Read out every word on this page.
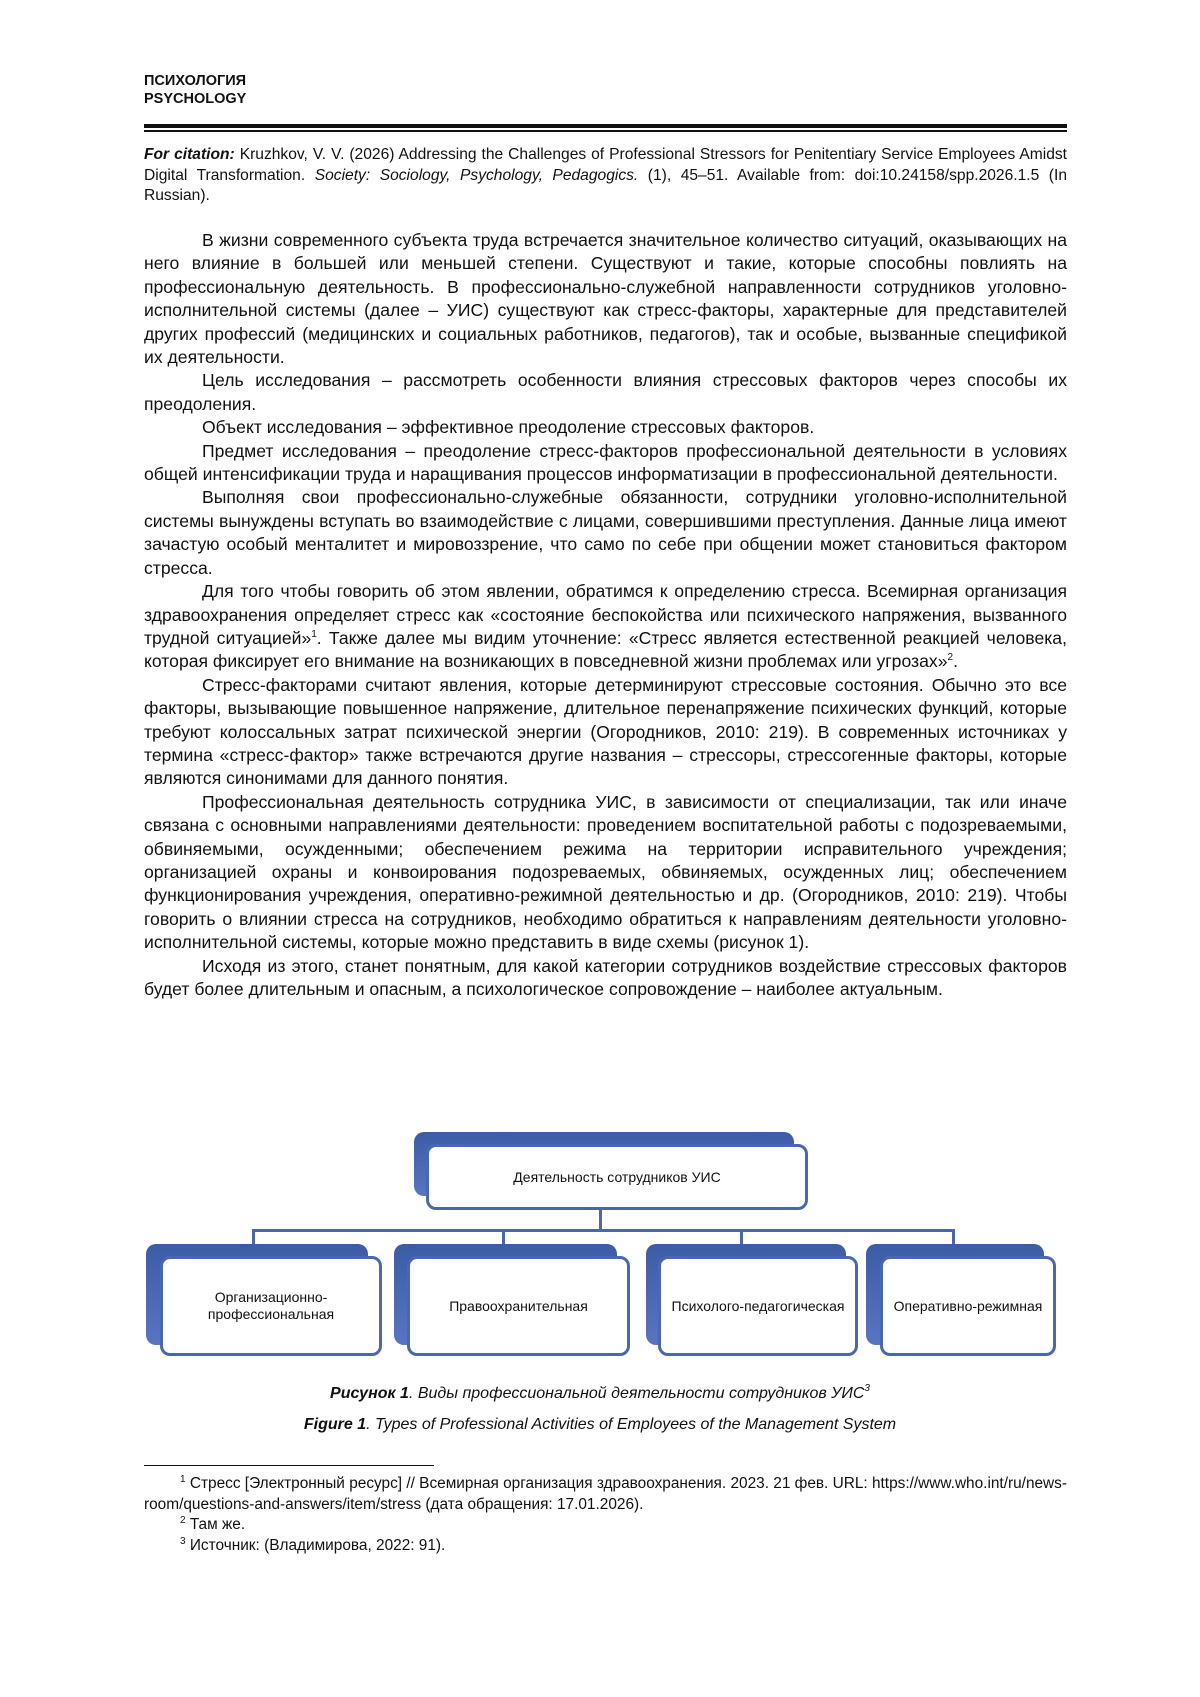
ПСИХОЛОГИЯ
PSYCHOLOGY
For citation: Kruzhkov, V. V. (2026) Addressing the Challenges of Professional Stressors for Penitentiary Service Employees Amidst Digital Transformation. Society: Sociology, Psychology, Pedagogics. (1), 45–51. Available from: doi:10.24158/spp.2026.1.5 (In Russian).

В жизни современного субъекта труда встречается значительное количество ситуаций, оказывающих на него влияние в большей или меньшей степени. Существуют и такие, которые способны повлиять на профессиональную деятельность. В профессионально-служебной направленности сотрудников уголовно-исполнительной системы (далее – УИС) существуют как стресс-факторы, характерные для представителей других профессий (медицинских и социальных работников, педагогов), так и особые, вызванные спецификой их деятельности.

Цель исследования – рассмотреть особенности влияния стрессовых факторов через способы их преодоления.

Объект исследования – эффективное преодоление стрессовых факторов.

Предмет исследования – преодоление стресс-факторов профессиональной деятельности в условиях общей интенсификации труда и наращивания процессов информатизации в профессиональной деятельности.

Выполняя свои профессионально-служебные обязанности, сотрудники уголовно-исполнительной системы вынуждены вступать во взаимодействие с лицами, совершившими преступления. Данные лица имеют зачастую особый менталитет и мировоззрение, что само по себе при общении может становиться фактором стресса.

Для того чтобы говорить об этом явлении, обратимся к определению стресса. Всемирная организация здравоохранения определяет стресс как «состояние беспокойства или психического напряжения, вызванного трудной ситуацией»$^1$. Также далее мы видим уточнение: «Стресс является естественной реакцией человека, которая фиксирует его внимание на возникающих в повседневной жизни проблемах или угрозах»$^2$.

Стресс-факторами считают явления, которые детерминируют стрессовые состояния. Обычно это все факторы, вызывающие повышенное напряжение, длительное перенапряжение психических функций, которые требуют колоссальных затрат психической энергии (Огородников, 2010: 219). В современных источниках у термина «стресс-фактор» также встречаются другие названия – стрессоры, стрессогенные факторы, которые являются синонимами для данного понятия.

Профессиональная деятельность сотрудника УИС, в зависимости от специализации, так или иначе связана с основными направлениями деятельности: проведением воспитательной работы с подозреваемыми, обвиняемыми, осужденными; обеспечением режима на территории исправительного учреждения; организацией охраны и конвоирования подозреваемых, обвиняемых, осужденных лиц; обеспечением функционирования учреждения, оперативно-режимной деятельностью и др. (Огородников, 2010: 219). Чтобы говорить о влиянии стресса на сотрудников, необходимо обратиться к направлениям деятельности уголовно-исполнительной системы, которые можно представить в виде схемы (рисунок 1).

Исходя из этого, станет понятным, для какой категории сотрудников воздействие стрессовых факторов будет более длительным и опасным, а психологическое сопровождение – наиболее актуальным.

Деятельность сотрудников УИС
Организационно-профессиональная
Правоохранительная	Психолого-педагогическая	Оперативно-режимная
Рисунок 1. Виды профессиональной деятельности сотрудников УИС$^3$
Figure 1. Types of Professional Activities of Employees of the Management System

$^1$ Стресс [Электронный ресурс] // Всемирная организация здравоохранения. 2023. 21 фев. URL: https://www.who.int/ru/news-room/questions-and-answers/item/stress (дата обращения: 17.01.2026).

$^2$ Там же.

$^3$ Источник: (Владимирова, 2022: 91).
